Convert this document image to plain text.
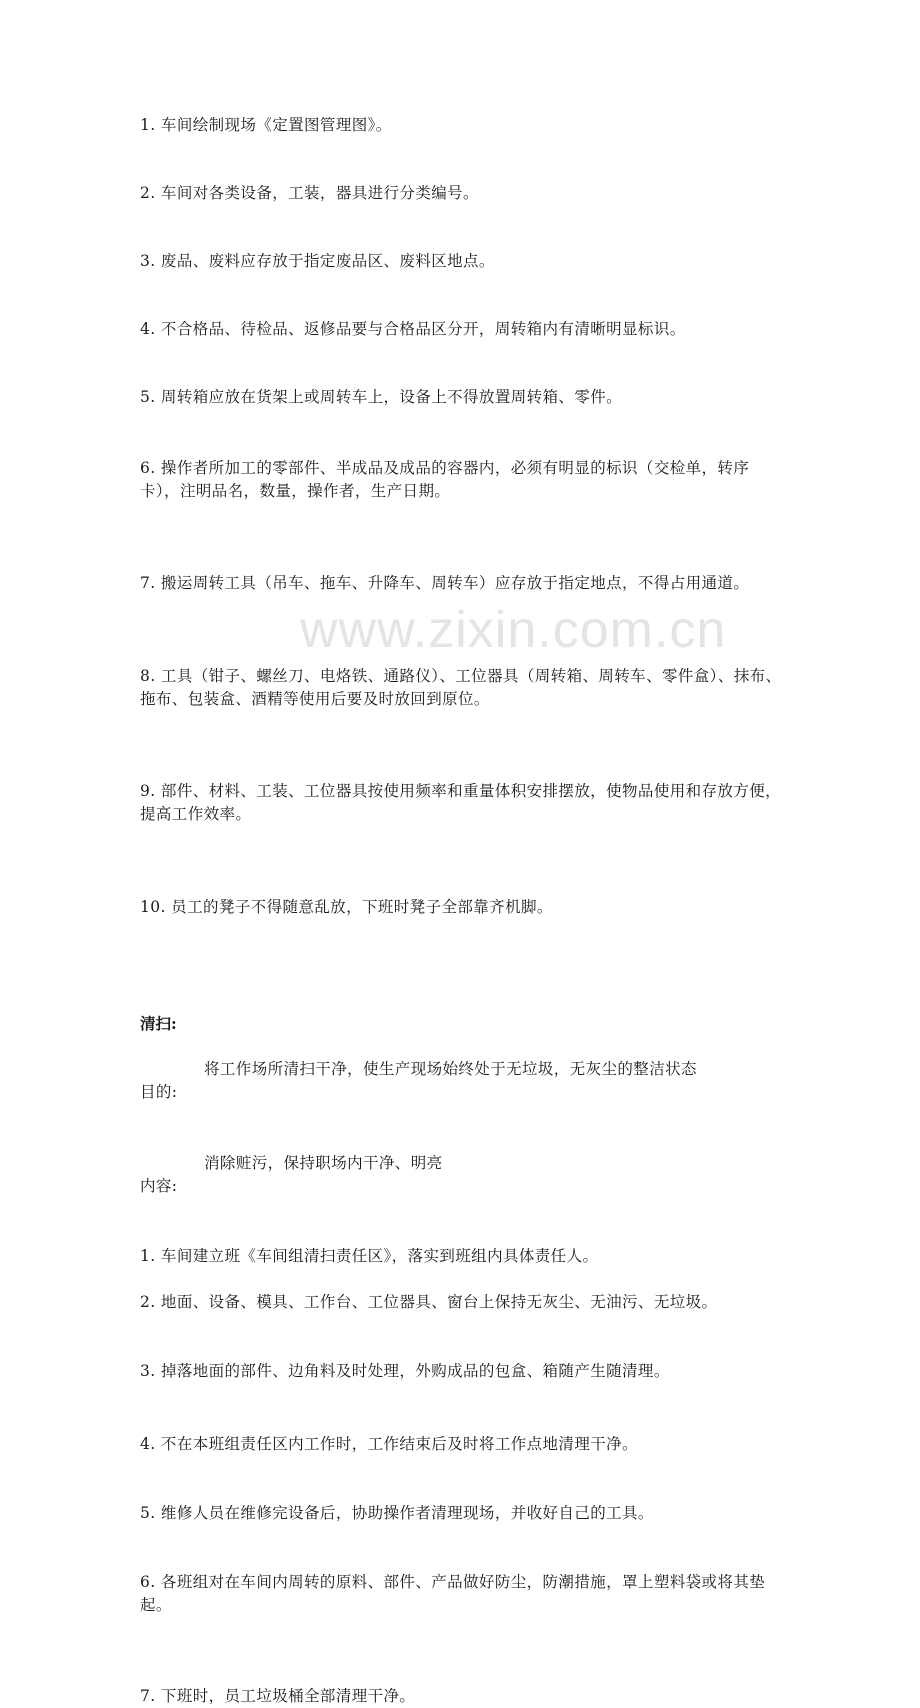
www.zixin.com.cn
1. 车间绘制现场《定置图管理图》。
2. 车间对各类设备，工装，器具进行分类编号。
3. 废品、废料应存放于指定废品区、废料区地点。
4. 不合格品、待检品、返修品要与合格品区分开，周转箱内有清晰明显标识。
5. 周转箱应放在货架上或周转车上，设备上不得放置周转箱、零件。
6. 操作者所加工的零部件、半成品及成品的容器内，必须有明显的标识（交检单，转序卡），注明品名，数量，操作者，生产日期。
7. 搬运周转工具（吊车、拖车、升降车、周转车）应存放于指定地点，不得占用通道。
8. 工具（钳子、螺丝刀、电烙铁、通路仪）、工位器具（周转箱、周转车、零件盒）、抹布、拖布、包装盒、酒精等使用后要及时放回到原位。
9. 部件、材料、工装、工位器具按使用频率和重量体积安排摆放，使物品使用和存放方便，提高工作效率。
10. 员工的凳子不得随意乱放，下班时凳子全部靠齐机脚。
清扫:
将工作场所清扫干净，使生产现场始终处于无垃圾，无灰尘的整洁状态
目的:
消除赃污，保持职场内干净、明亮
内容:
1. 车间建立班《车间组清扫责任区》，落实到班组内具体责任人。
2. 地面、设备、模具、工作台、工位器具、窗台上保持无灰尘、无油污、无垃圾。
3. 掉落地面的部件、边角料及时处理，外购成品的包盒、箱随产生随清理。
4. 不在本班组责任区内工作时，工作结束后及时将工作点地清理干净。
5. 维修人员在维修完设备后，协助操作者清理现场，并收好自己的工具。
6. 各班组对在车间内周转的原料、部件、产品做好防尘，防潮措施，罩上塑料袋或将其垫起。
7. 下班时，员工垃圾桶全部清理干净。
